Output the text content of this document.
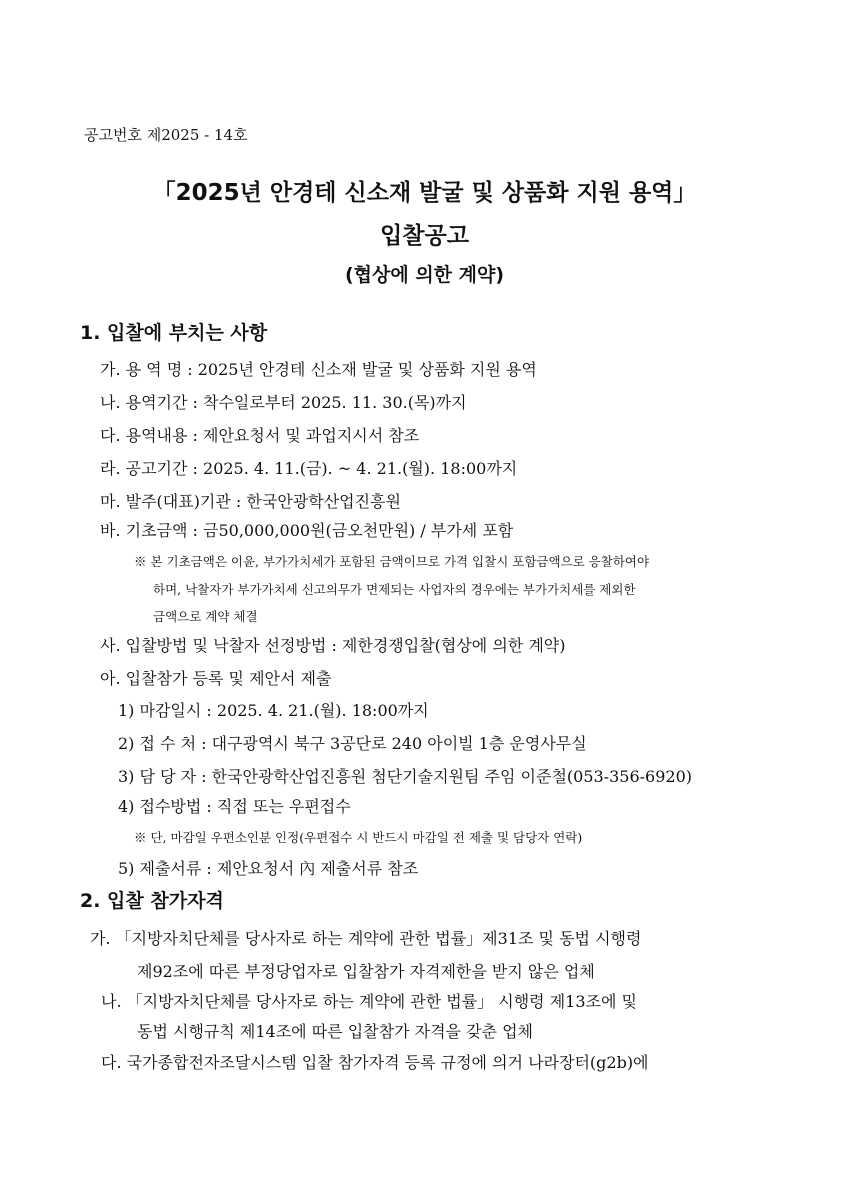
공고번호 제2025 - 14호
「2025년 안경테 신소재 발굴 및 상품화 지원 용역」
입찰공고
(협상에 의한 계약)
1. 입찰에 부치는 사항
가. 용 역 명 : 2025년 안경테 신소재 발굴 및 상품화 지원 용역
나. 용역기간 : 착수일로부터 2025. 11. 30.(목)까지
다. 용역내용 : 제안요청서 및 과업지시서 참조
라. 공고기간 : 2025. 4. 11.(금). ~ 4. 21.(월). 18:00까지
마. 발주(대표)기관 : 한국안광학산업진흥원
바. 기초금액 : 금50,000,000원(금오천만원) / 부가세 포함
※ 본 기초금액은 이윤, 부가가치세가 포함된 금액이므로 가격 입찰시 포함금액으로 응찰하여야
하며, 낙찰자가 부가가치세 신고의무가 면제되는 사업자의 경우에는 부가가치세를 제외한
금액으로 계약 체결
사. 입찰방법 및 낙찰자 선정방법 : 제한경쟁입찰(협상에 의한 계약)
아. 입찰참가 등록 및 제안서 제출
1) 마감일시 : 2025. 4. 21.(월). 18:00까지
2) 접 수 처 : 대구광역시 북구 3공단로 240 아이빌 1층 운영사무실
3) 담 당 자 : 한국안광학산업진흥원 첨단기술지원팀 주임 이준철(053-356-6920)
4) 접수방법 : 직접 또는 우편접수
※ 단, 마감일 우편소인분 인정(우편접수 시 반드시 마감일 전 제출 및 담당자 연락)
5) 제출서류 : 제안요청서 內 제출서류 참조
2. 입찰 참가자격
가. 「지방자치단체를 당사자로 하는 계약에 관한 법률」제31조 및 동법 시행령
제92조에 따른 부정당업자로 입찰참가 자격제한을 받지 않은 업체
나. 「지방자치단체를 당사자로 하는 계약에 관한 법률」 시행령 제13조에 및
동법 시행규칙 제14조에 따른 입찰참가 자격을 갖춘 업체
다. 국가종합전자조달시스템 입찰 참가자격 등록 규정에 의거 나라장터(g2b)에
